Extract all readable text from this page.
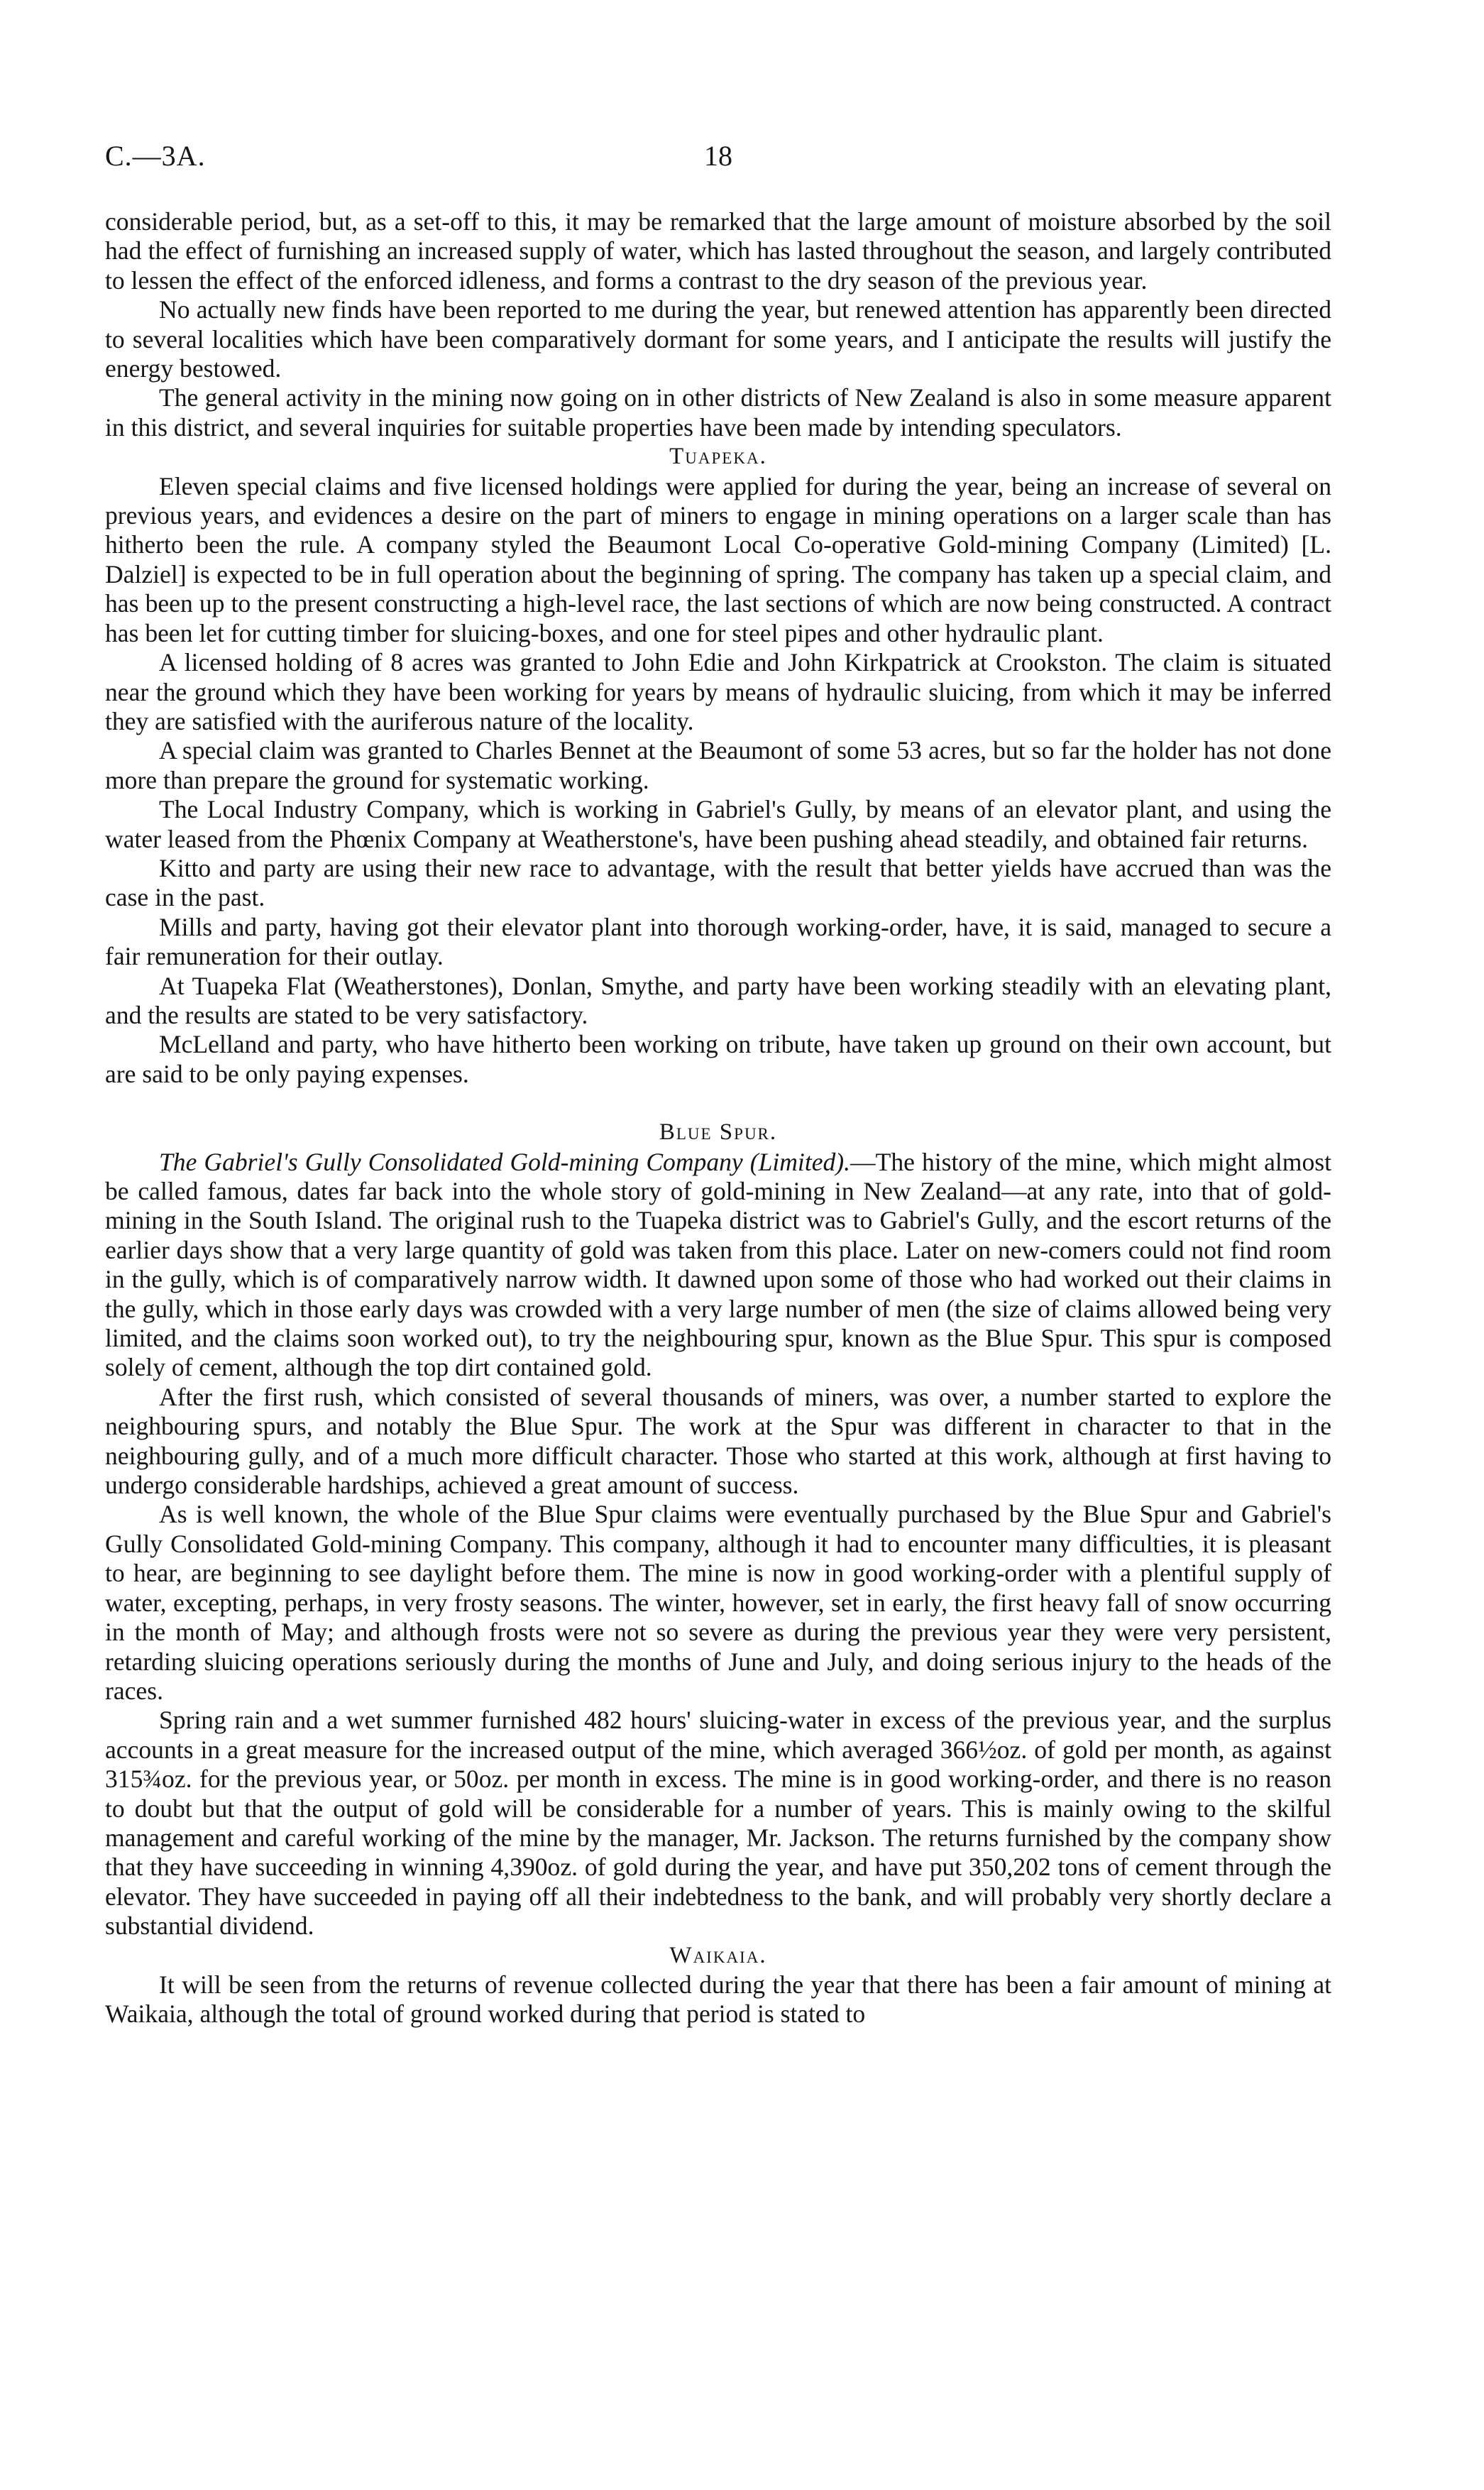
C.—3A.	18

considerable period, but, as a set-off to this, it may be remarked that the large amount of moisture absorbed by the soil had the effect of furnishing an increased supply of water, which has lasted throughout the season, and largely contributed to lessen the effect of the enforced idleness, and forms a contrast to the dry season of the previous year.

No actually new finds have been reported to me during the year, but renewed attention has apparently been directed to several localities which have been comparatively dormant for some years, and I anticipate the results will justify the energy bestowed.

The general activity in the mining now going on in other districts of New Zealand is also in some measure apparent in this district, and several inquiries for suitable properties have been made by intending speculators.

Tuapeka.

Eleven special claims and five licensed holdings were applied for during the year, being an increase of several on previous years, and evidences a desire on the part of miners to engage in mining operations on a larger scale than has hitherto been the rule. A company styled the Beaumont Local Co-operative Gold-mining Company (Limited) [L. Dalziel] is expected to be in full operation about the beginning of spring. The company has taken up a special claim, and has been up to the present constructing a high-level race, the last sections of which are now being constructed. A contract has been let for cutting timber for sluicing-boxes, and one for steel pipes and other hydraulic plant.

A licensed holding of 8 acres was granted to John Edie and John Kirkpatrick at Crookston. The claim is situated near the ground which they have been working for years by means of hydraulic sluicing, from which it may be inferred they are satisfied with the auriferous nature of the locality.

A special claim was granted to Charles Bennet at the Beaumont of some 53 acres, but so far the holder has not done more than prepare the ground for systematic working.

The Local Industry Company, which is working in Gabriel's Gully, by means of an elevator plant, and using the water leased from the Phœnix Company at Weatherstone's, have been pushing ahead steadily, and obtained fair returns.

Kitto and party are using their new race to advantage, with the result that better yields have accrued than was the case in the past.

Mills and party, having got their elevator plant into thorough working-order, have, it is said, managed to secure a fair remuneration for their outlay.

At Tuapeka Flat (Weatherstones), Donlan, Smythe, and party have been working steadily with an elevating plant, and the results are stated to be very satisfactory.

McLelland and party, who have hitherto been working on tribute, have taken up ground on their own account, but are said to be only paying expenses.

Blue Spur.

The Gabriel's Gully Consolidated Gold-mining Company (Limited).—The history of the mine, which might almost be called famous, dates far back into the whole story of gold-mining in New Zealand—at any rate, into that of gold-mining in the South Island. The original rush to the Tuapeka district was to Gabriel's Gully, and the escort returns of the earlier days show that a very large quantity of gold was taken from this place. Later on new-comers could not find room in the gully, which is of comparatively narrow width. It dawned upon some of those who had worked out their claims in the gully, which in those early days was crowded with a very large number of men (the size of claims allowed being very limited, and the claims soon worked out), to try the neighbouring spur, known as the Blue Spur. This spur is composed solely of cement, although the top dirt contained gold.

After the first rush, which consisted of several thousands of miners, was over, a number started to explore the neighbouring spurs, and notably the Blue Spur. The work at the Spur was different in character to that in the neighbouring gully, and of a much more difficult character. Those who started at this work, although at first having to undergo considerable hardships, achieved a great amount of success.

As is well known, the whole of the Blue Spur claims were eventually purchased by the Blue Spur and Gabriel's Gully Consolidated Gold-mining Company. This company, although it had to encounter many difficulties, it is pleasant to hear, are beginning to see daylight before them. The mine is now in good working-order with a plentiful supply of water, excepting, perhaps, in very frosty seasons. The winter, however, set in early, the first heavy fall of snow occurring in the month of May; and although frosts were not so severe as during the previous year they were very persistent, retarding sluicing operations seriously during the months of June and July, and doing serious injury to the heads of the races.

Spring rain and a wet summer furnished 482 hours' sluicing-water in excess of the previous year, and the surplus accounts in a great measure for the increased output of the mine, which averaged 366½oz. of gold per month, as against 315¾oz. for the previous year, or 50oz. per month in excess. The mine is in good working-order, and there is no reason to doubt but that the output of gold will be considerable for a number of years. This is mainly owing to the skilful management and careful working of the mine by the manager, Mr. Jackson. The returns furnished by the company show that they have succeeding in winning 4,390oz. of gold during the year, and have put 350,202 tons of cement through the elevator. They have succeeded in paying off all their indebtedness to the bank, and will probably very shortly declare a substantial dividend.

Waikaia.

It will be seen from the returns of revenue collected during the year that there has been a fair amount of mining at Waikaia, although the total of ground worked during that period is stated to
